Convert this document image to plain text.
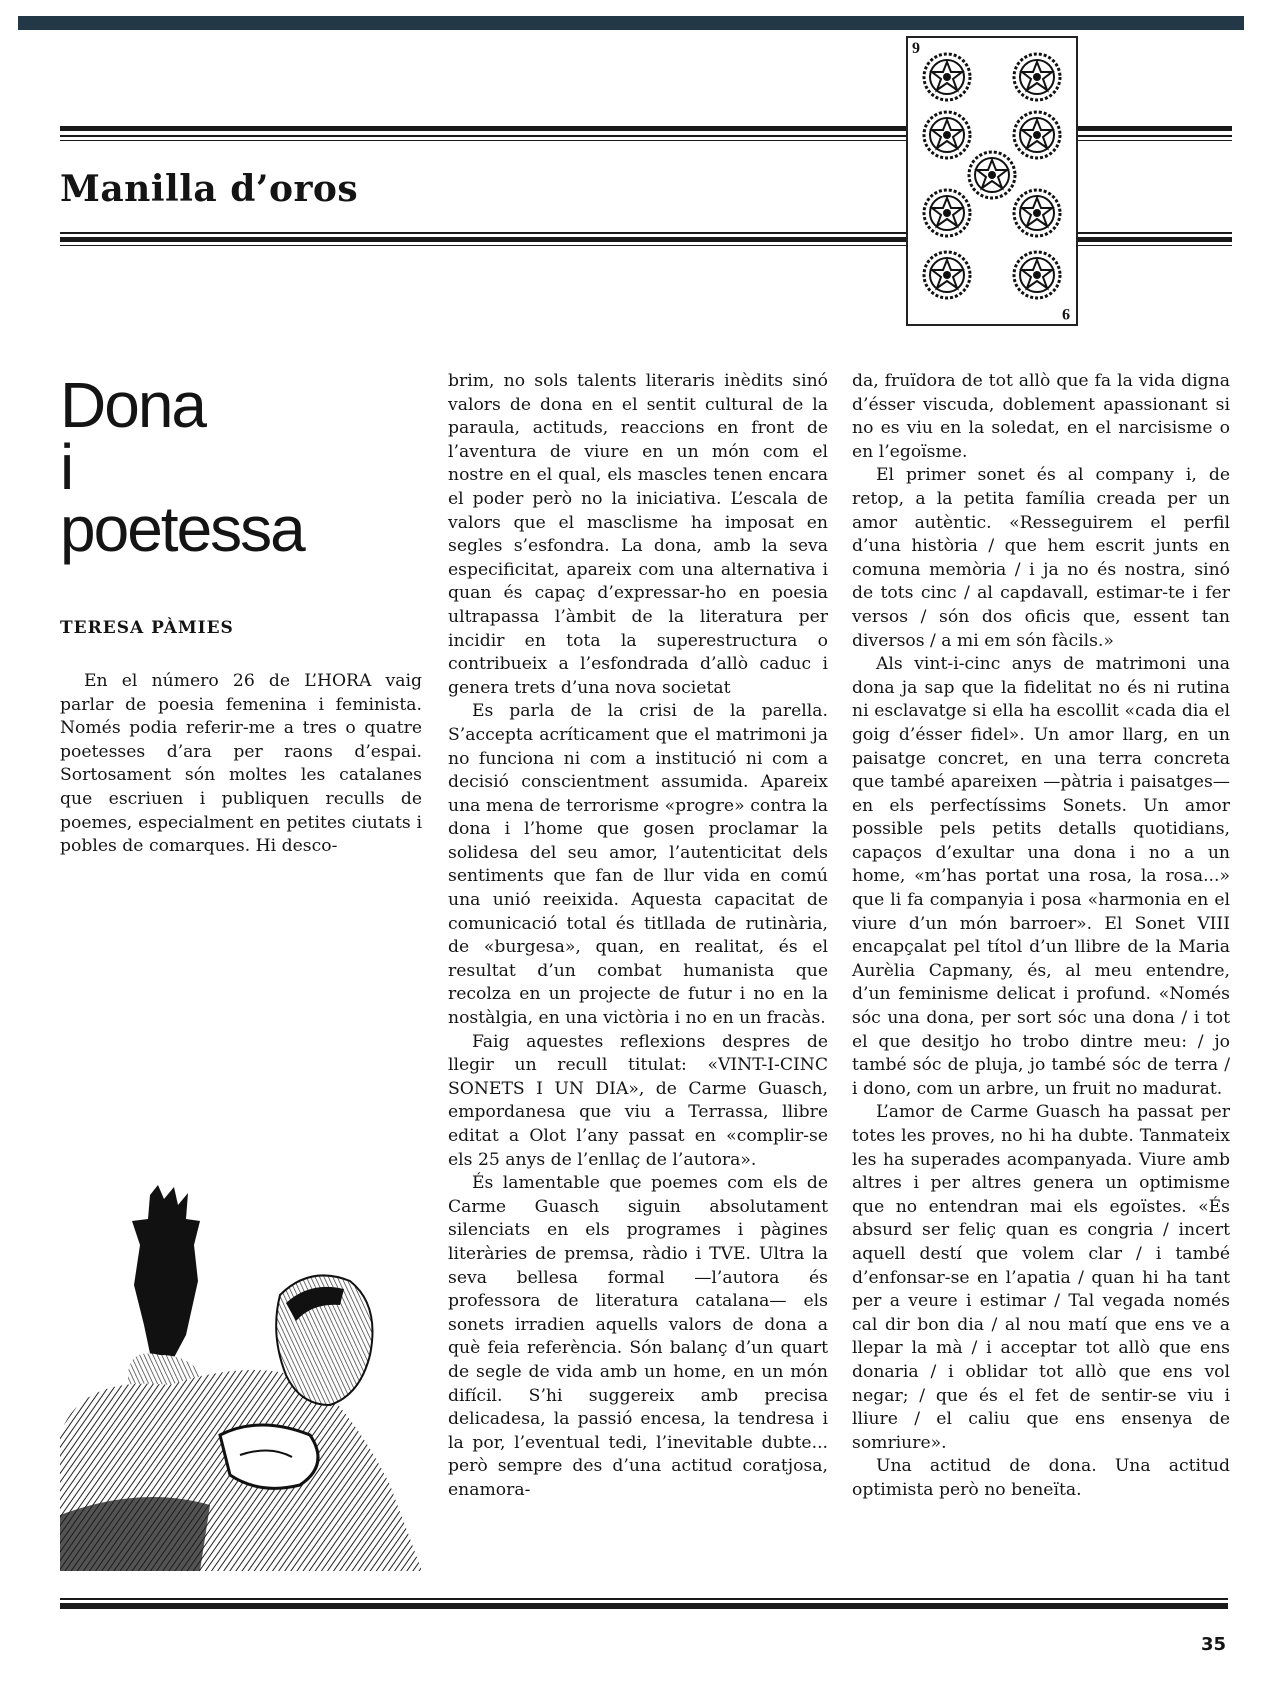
Manilla d’oros
9
9
Dona
i
poetessa

TERESA PÀMIES

En el número 26 de L’HORA vaig parlar de poesia femenina i feminista. Només podia referir-me a tres o quatre poetesses d’ara per raons d’espai. Sortosament són moltes les catalanes que escriuen i publiquen reculls de poemes, especialment en petites ciutats i pobles de comarques. Hi desco-

brim, no sols talents literaris inèdits sinó valors de dona en el sentit cultural de la paraula, actituds, reaccions en front de l’aventura de viure en un món com el nostre en el qual, els mascles tenen encara el poder però no la iniciativa. L’escala de valors que el masclisme ha imposat en segles s’esfondra. La dona, amb la seva especificitat, apareix com una alternativa i quan és capaç d’expressar-ho en poesia ultrapassa l’àmbit de la literatura per incidir en tota la superestructura o contribueix a l’esfondrada d’allò caduc i genera trets d’una nova societat

Es parla de la crisi de la parella. S’accepta acríticament que el matrimoni ja no funciona ni com a institució ni com a decisió conscientment assumida. Apareix una mena de terrorisme «progre» contra la dona i l’home que gosen proclamar la solidesa del seu amor, l’autenticitat dels sentiments que fan de llur vida en comú una unió reeixida. Aquesta capacitat de comunicació total és titllada de rutinària, de «burgesa», quan, en realitat, és el resultat d’un combat humanista que recolza en un projecte de futur i no en la nostàlgia, en una victòria i no en un fracàs.

Faig aquestes reflexions despres de llegir un recull titulat: «VINT-I-CINC SONETS I UN DIA», de Carme Guasch, empordanesa que viu a Terrassa, llibre editat a Olot l’any passat en «complir-se els 25 anys de l’enllaç de l’autora».

És lamentable que poemes com els de Carme Guasch siguin absolutament silenciats en els programes i pàgines literàries de premsa, ràdio i TVE. Ultra la seva bellesa formal —l’autora és professora de literatura catalana— els sonets irradien aquells valors de dona a què feia referència. Són balanç d’un quart de segle de vida amb un home, en un món difícil. S’hi suggereix amb precisa delicadesa, la passió encesa, la tendresa i la por, l’eventual tedi, l’inevitable dubte... però sempre des d’una actitud coratjosa, enamora-

da, fruïdora de tot allò que fa la vida digna d’ésser viscuda, doblement apassionant si no es viu en la soledat, en el narcisisme o en l’egoïsme.

El primer sonet és al company i, de retop, a la petita família creada per un amor autèntic. «Resseguirem el perfil d’una història / que hem escrit junts en comuna memòria / i ja no és nostra, sinó de tots cinc / al capdavall, estimar-te i fer versos / són dos oficis que, essent tan diversos / a mi em són fàcils.»

Als vint-i-cinc anys de matrimoni una dona ja sap que la fidelitat no és ni rutina ni esclavatge si ella ha escollit «cada dia el goig d’ésser fidel». Un amor llarg, en un paisatge concret, en una terra concreta que també apareixen —pàtria i paisatges— en els perfectíssims Sonets. Un amor possible pels petits detalls quotidians, capaços d’exultar una dona i no a un home, «m’has portat una rosa, la rosa...» que li fa companyia i posa «harmonia en el viure d’un món barroer». El Sonet VIII encapçalat pel títol d’un llibre de la Maria Aurèlia Capmany, és, al meu entendre, d’un feminisme delicat i profund. «Només sóc una dona, per sort sóc una dona / i tot el que desitjo ho trobo dintre meu: / jo també sóc de pluja, jo també sóc de terra / i dono, com un arbre, un fruit no madurat.

L’amor de Carme Guasch ha passat per totes les proves, no hi ha dubte. Tanmateix les ha superades acompanyada. Viure amb altres i per altres genera un optimisme que no entendran mai els egoïstes. «És absurd ser feliç quan es congria / incert aquell destí que volem clar / i també d’enfonsar-se en l’apatia / quan hi ha tant per a veure i estimar / Tal vegada només cal dir bon dia / al nou matí que ens ve a llepar la mà / i acceptar tot allò que ens donaria / i oblidar tot allò que ens vol negar; / que és el fet de sentir-se viu i lliure / el caliu que ens ensenya de somriure».

Una actitud de dona. Una actitud optimista però no beneïta.

35
